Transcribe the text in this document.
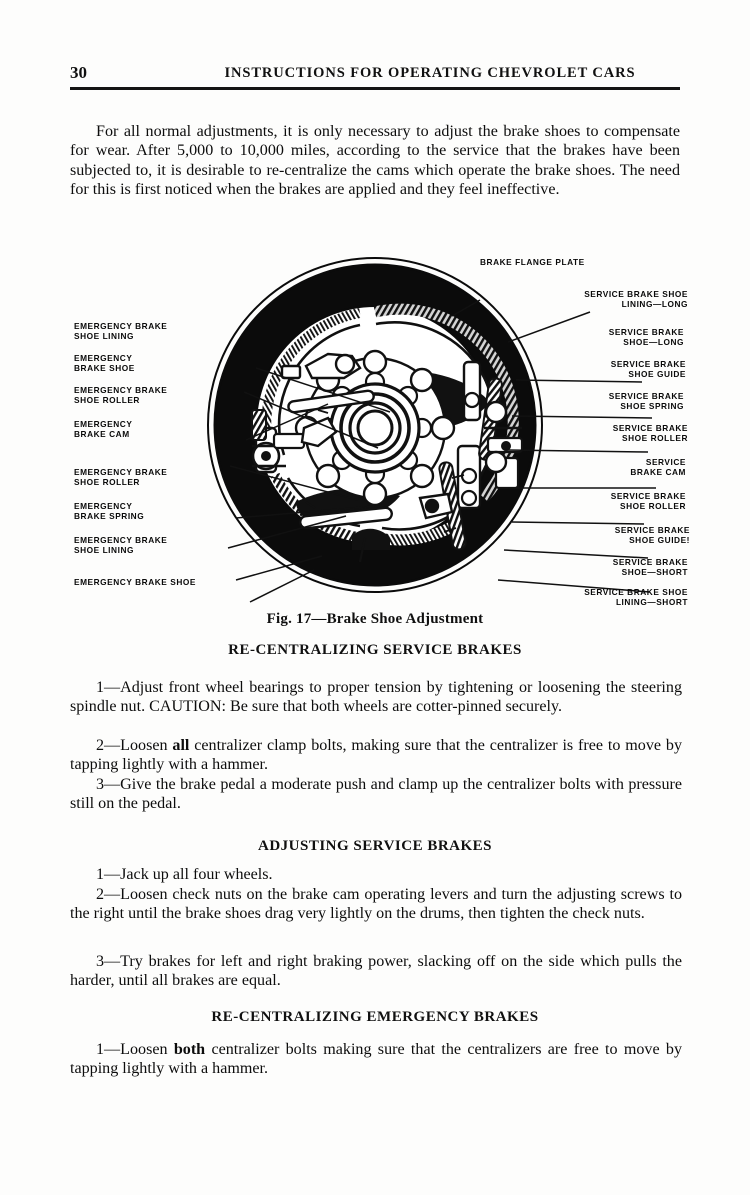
30	INSTRUCTIONS FOR OPERATING CHEVROLET CARS
For all normal adjustments, it is only necessary to adjust the brake shoes to compensate for wear. After 5,000 to 10,000 miles, according to the service that the brakes have been subjected to, it is desirable to re-centralize the cams which operate the brake shoes. The need for this is first noticed when the brakes are applied and they feel ineffective.
BRAKE FLANGE PLATE
SERVICE BRAKE SHOE
LINING—LONG
SERVICE BRAKE
SHOE—LONG
SERVICE BRAKE
SHOE GUIDE
SERVICE BRAKE
SHOE SPRING
SERVICE BRAKE
SHOE ROLLER
SERVICE
BRAKE CAM
SERVICE BRAKE
SHOE ROLLER
SERVICE BRAKE
SHOE GUIDE!
SERVICE BRAKE
SHOE—SHORT
SERVICE BRAKE SHOE
LINING—SHORT
EMERGENCY BRAKE
SHOE LINING
EMERGENCY
BRAKE SHOE
EMERGENCY BRAKE
SHOE ROLLER
EMERGENCY
BRAKE CAM
EMERGENCY BRAKE
SHOE ROLLER
EMERGENCY
BRAKE SPRING
EMERGENCY BRAKE
SHOE LINING
EMERGENCY BRAKE SHOE
Fig. 17—Brake Shoe Adjustment
RE-CENTRALIZING SERVICE BRAKES
1—Adjust front wheel bearings to proper tension by tightening or loosening the steering spindle nut. CAUTION: Be sure that both wheels are cotter-pinned securely.
2—Loosen all centralizer clamp bolts, making sure that the centralizer is free to move by tapping lightly with a hammer.
3—Give the brake pedal a moderate push and clamp up the centralizer bolts with pressure still on the pedal.
ADJUSTING SERVICE BRAKES
1—Jack up all four wheels.
2—Loosen check nuts on the brake cam operating levers and turn the adjusting screws to the right until the brake shoes drag very lightly on the drums, then tighten the check nuts.
3—Try brakes for left and right braking power, slacking off on the side which pulls the harder, until all brakes are equal.
RE-CENTRALIZING EMERGENCY BRAKES
1—Loosen both centralizer bolts making sure that the centralizers are free to move by tapping lightly with a hammer.
